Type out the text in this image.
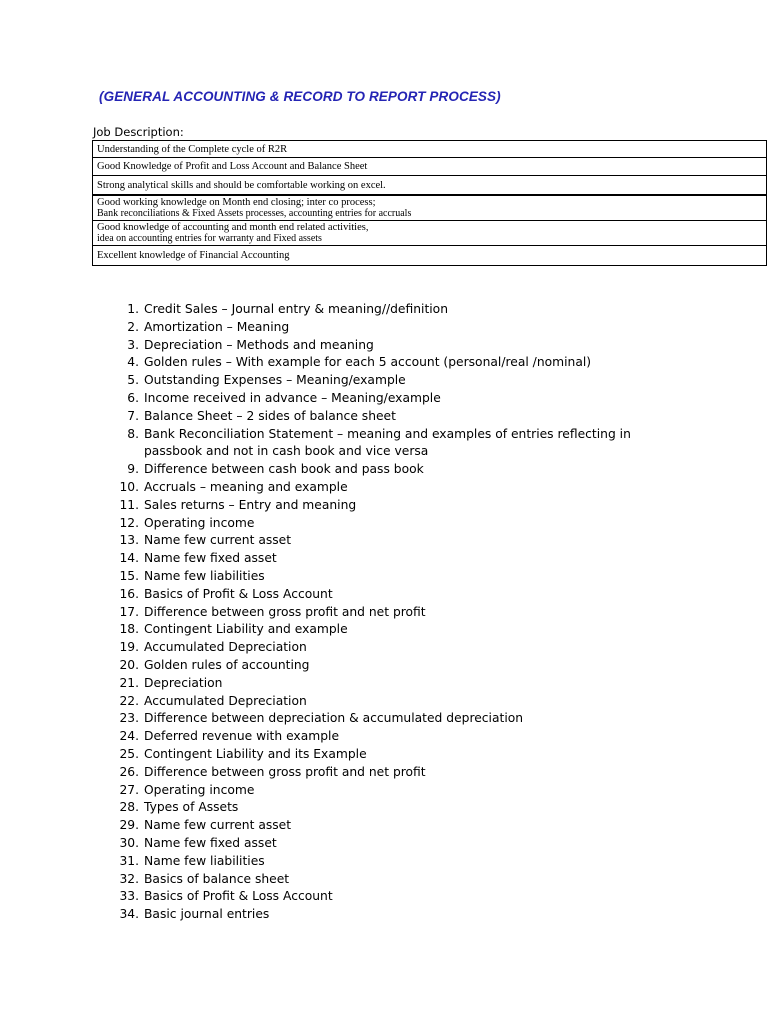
(GENERAL ACCOUNTING & RECORD TO REPORT PROCESS)
Job Description:
Understanding of the Complete cycle of R2R

Good Knowledge of Profit and Loss Account and Balance Sheet

Strong analytical skills and should be comfortable working on excel.

Good working knowledge on Month end closing; inter co process;
Bank reconciliations & Fixed Assets processes, accounting entries for accruals

Good knowledge of accounting and month end related activities,
idea on accounting entries for warranty and Fixed assets

Excellent knowledge of Financial Accounting
1. Credit Sales – Journal entry & meaning//definition
2. Amortization – Meaning
3. Depreciation – Methods and meaning
4. Golden rules – With example for each 5 account (personal/real /nominal)
5. Outstanding Expenses – Meaning/example
6. Income received in advance – Meaning/example
7. Balance Sheet – 2 sides of balance sheet
8. Bank Reconciliation Statement – meaning and examples of entries reflecting in passbook and not in cash book and vice versa
9. Difference between cash book and pass book
10. Accruals – meaning and example
11. Sales returns – Entry and meaning
12. Operating income
13. Name few current asset
14. Name few fixed asset
15. Name few liabilities
16. Basics of Profit & Loss Account
17. Difference between gross profit and net profit
18. Contingent Liability and example
19. Accumulated Depreciation
20. Golden rules of accounting
21. Depreciation
22. Accumulated Depreciation
23. Difference between depreciation & accumulated depreciation
24. Deferred revenue with example
25. Contingent Liability and its Example
26. Difference between gross profit and net profit
27. Operating income
28. Types of Assets
29. Name few current asset
30. Name few fixed asset
31. Name few liabilities
32. Basics of balance sheet
33. Basics of Profit & Loss Account
34. Basic journal entries
